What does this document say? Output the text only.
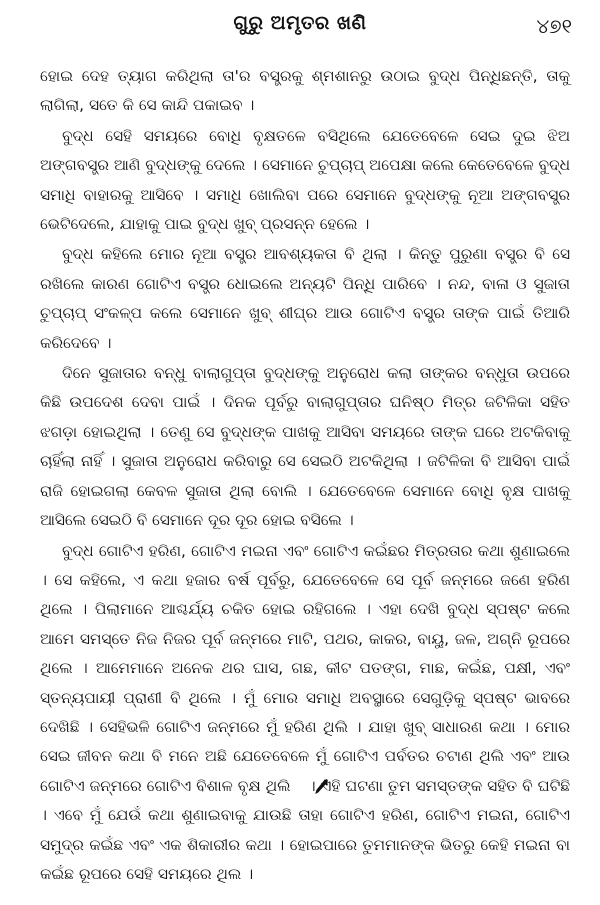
ଗୁରୁ ଅମୃତର ଖଣି	୪୭୧

ହୋଇ ଦେହ ତ୍ୟାଗ କରିଥିଲା ତା'ର ବସ୍ତ୍ରକୁ ଶ୍ମଶାନରୁ ଉଠାଇ ବୁଦ୍ଧ ପିନ୍ଧିଛନ୍ତି, ତାକୁ ଲାଗିଲା, ସତେ କି ସେ କାନ୍ଦି ପକାଇବ ।

ବୁଦ୍ଧ ସେହି ସମୟରେ ବୋଧି ବୃକ୍ଷତଳେ ବସିଥିଲେ ଯେତେବେଳେ ସେଇ ଦୁଇ ଝିଅ ଅଙ୍ଗବସ୍ତ୍ର ଆଣି ବୁଦ୍ଧଙ୍କୁ ଦେଲେ । ସେମାନେ ଚୁପ୍‌ଚାପ୍ ଅପେକ୍ଷା କଲେ କେତେବେଳେ ବୁଦ୍ଧ ସମାଧି ବାହାରକୁ ଆସିବେ । ସମାଧି ଖୋଲିବା ପରେ ସେମାନେ ବୁଦ୍ଧଙ୍କୁ ନୂଆ ଅଙ୍ଗବସ୍ତ୍ର ଭେଟିଦେଲେ, ଯାହାକୁ ପାଇ ବୁଦ୍ଧ ଖୁବ୍ ପ୍ରସନ୍ନ ହେଲେ ।

ବୁଦ୍ଧ କହିଲେ ମୋର ନୂଆ ବସ୍ତ୍ର ଆବଶ୍ୟକତା ବି ଥିଲା । କିନ୍ତୁ ପୁରୁଣା ବସ୍ତ୍ର ବି ସେ ରଖିଲେ କାରଣ ଗୋଟିଏ ବସ୍ତ୍ର ଧୋଇଲେ ଅନ୍ୟଟି ପିନ୍ଧି ପାରିବେ । ନନ୍ଦ, ବାଳା ଓ ସୁଜାତା ଚୁପ୍‌ଚାପ୍ ସଂକଳ୍ପ କଲେ ସେମାନେ ଖୁବ୍ ଶୀଘ୍ର ଆଉ ଗୋଟିଏ ବସ୍ତ୍ର ତାଙ୍କ ପାଇଁ ତିଆରି କରିଦେବେ ।

ଦିନେ ସୁଜାତାର ବନ୍ଧୁ ବାଲାଗୁପ୍ତା ବୁଦ୍ଧଙ୍କୁ ଅନୁରୋଧ କଲା ତାଙ୍କର ବନ୍ଧୁତା ଉପରେ କିଛି ଉପଦେଶ ଦେବା ପାଇଁ । ଦିନକ ପୂର୍ବରୁ ବାଲାଗୁପ୍ତାର ଘନିଷ୍ଠ ମିତ୍ର ଜଟିଳିକା ସହିତ ଝଗଡ଼ା ହୋଇଥିଲା । ତେଣୁ ସେ ବୁଦ୍ଧଙ୍କ ପାଖକୁ ଆସିବା ସମୟରେ ତାଙ୍କ ଘରେ ଅଟକିବାକୁ ଚାହିଁଲା ନାହିଁ । ସୁଜାତା ଅନୁରୋଧ କରିବାରୁ ସେ ସେଇଠି ଅଟକିଥିଲା । ଜଟିଳିକା ବି ଆସିବା ପାଇଁ ରାଜି ହୋଇଗଲା କେବଳ ସୁଜାତା ଥିଲା ବୋଲି । ଯେତେବେଳେ ସେମାନେ ବୋଧି ବୃକ୍ଷ ପାଖକୁ ଆସିଲେ ସେଇଠି ବି ସେମାନେ ଦୂର ଦୂର ହୋଇ ବସିଲେ ।

ବୁଦ୍ଧ ଗୋଟିଏ ହରିଣ, ଗୋଟିଏ ମଇନା ଏବଂ ଗୋଟିଏ କଇଁଛର ମିତ୍ରତାର କଥା ଶୁଣାଇଲେ । ସେ କହିଲେ, ଏ କଥା ହଜାର ବର୍ଷ ପୂର୍ବରୁ, ଯେତେବେଳେ ସେ ପୂର୍ବ ଜନ୍ମରେ ଜଣେ ହରିଣ ଥିଲେ । ପିଲାମାନେ ଆଶ୍ଚର୍ଯ୍ୟ ଚକିତ ହୋଇ ରହିଗଲେ । ଏହା ଦେଖି ବୁଦ୍ଧ ସ୍ପଷ୍ଟ କଲେ ଆମେ ସମସ୍ତେ ନିଜ ନିଜର ପୂର୍ବ ଜନ୍ମରେ ମାଟି, ପଥର, କାକର, ବାୟୁ, ଜଳ, ଅଗ୍ନି ରୂପରେ ଥିଲେ । ଆମେମାନେ ଅନେକ ଥର ଘାସ, ଗଛ, କୀଟ ପତଙ୍ଗ, ମାଛ, କଇଁଛ, ପକ୍ଷୀ, ଏବଂ ସ୍ତନ୍ୟପାୟୀ ପ୍ରାଣୀ ବି ଥିଲେ । ମୁଁ ମୋର ସମାଧି ଅବସ୍ଥାରେ ସେଗୁଡ଼ିକୁ ସ୍ପଷ୍ଟ ଭାବରେ ଦେଖିଛି । ସେହିଭଳି ଗୋଟିଏ ଜନ୍ମରେ ମୁଁ ହରିଣ ଥିଲି । ଯାହା ଖୁବ୍ ସାଧାରଣ କଥା । ମୋର ସେଇ ଜୀବନ କଥା ବି ମନେ ଅଛି ଯେତେବେଳେ ମୁଁ ଗୋଟିଏ ପର୍ବତର ଚଟାଣ ଥିଲି ଏବଂ ଆଉ ଗୋଟିଏ ଜନ୍ମରେ ଗୋଟିଏ ବିଶାଳ ବୃକ୍ଷ ଥିଲି । ଏହି ଘଟଣା ତୁମ ସମସ୍ତଙ୍କ ସହିତ ବି ଘଟିଛି । ଏବେ ମୁଁ ଯେଉଁ କଥା ଶୁଣାଇବାକୁ ଯାଉଛି ତାହା ଗୋଟିଏ ହରିଣ, ଗୋଟିଏ ମଇନା, ଗୋଟିଏ ସମୁଦ୍ର କଇଁଛ ଏବଂ ଏକ ଶିକାରୀର କଥା । ହୋଇପାରେ ତୁମମାନଙ୍କ ଭିତରୁ କେହି ମଇନା ବା କଇଁଛ ରୂପରେ ସେହି ସମୟରେ ଥିଲ ।
